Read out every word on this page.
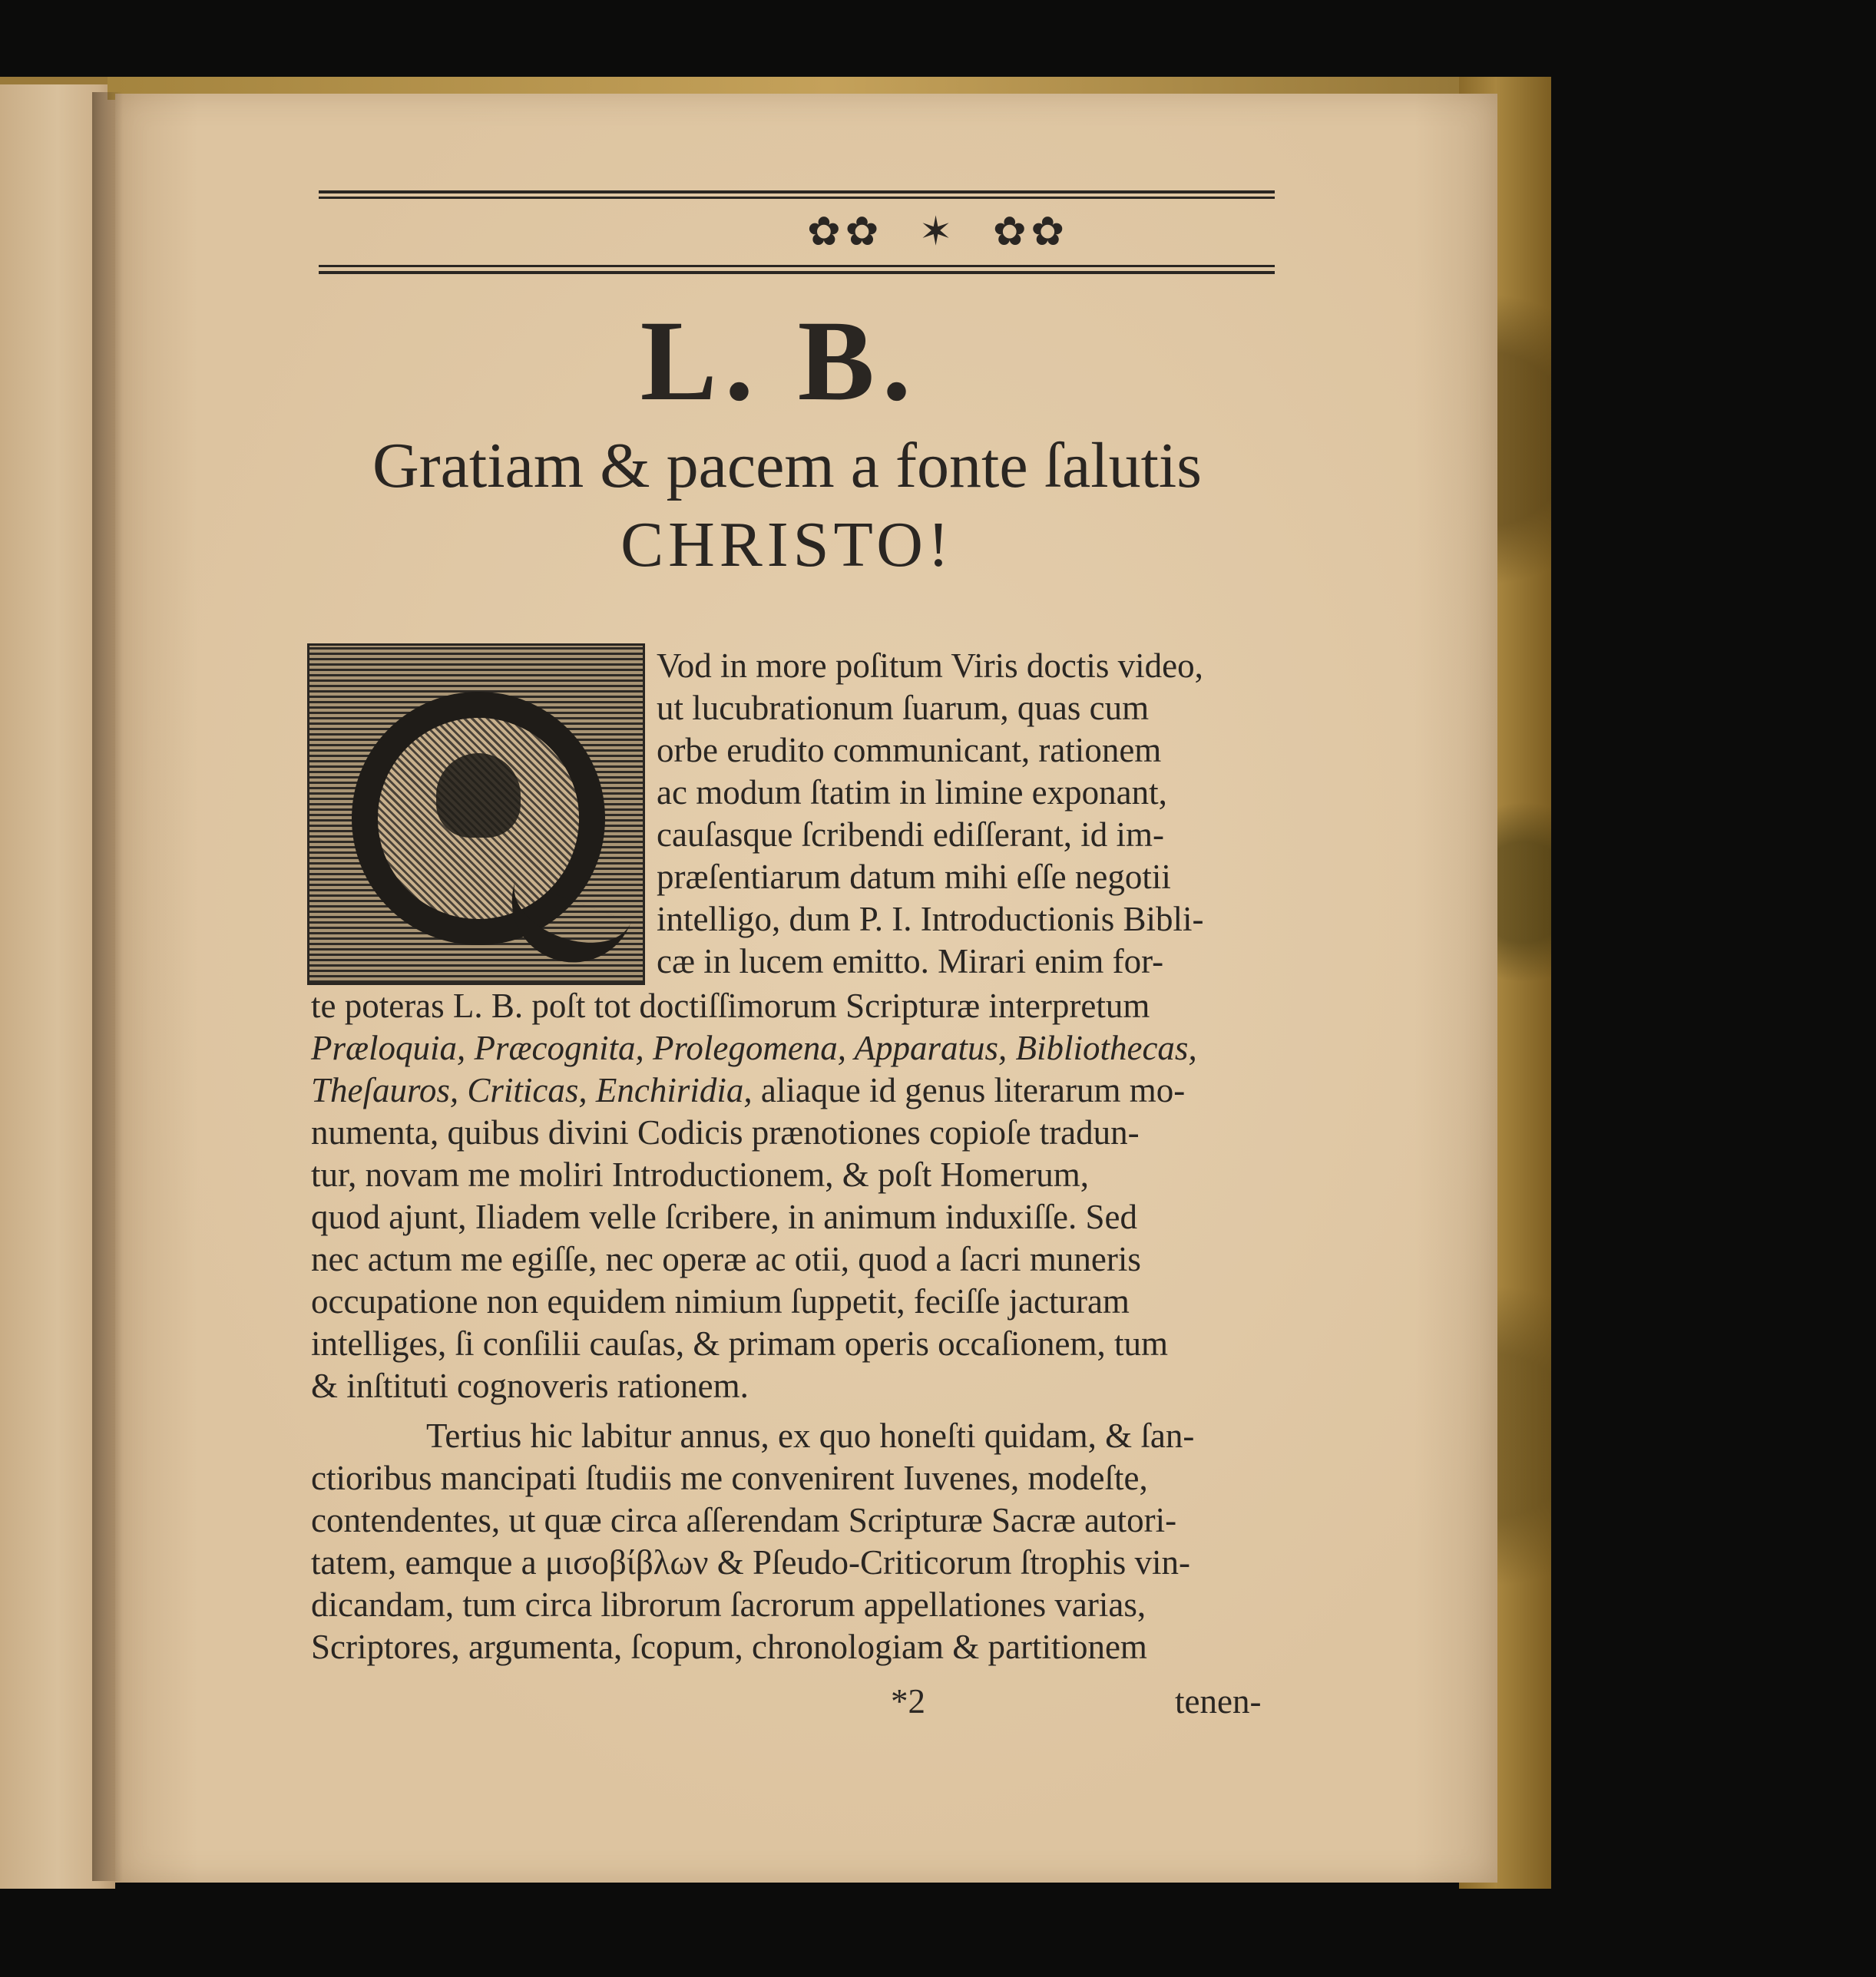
✿✿ ✶ ✿✿
L. B.
Gratiam & pacem a fonte ſalutis
CHRISTO!
Vod in more poſitum Viris doctis video,
ut lucubrationum ſuarum, quas cum
orbe erudito communicant, rationem
ac modum ſtatim in limine exponant,
cauſasque ſcribendi ediſſerant, id im-
præſentiarum datum mihi eſſe negotii
intelligo, dum P. I. Introductionis Bibli-
cæ in lucem emitto. Mirari enim for-
te poteras L. B. poſt tot doctiſſimorum Scripturæ interpretum
Præloquia, Præcognita, Prolegomena, Apparatus, Bibliothecas,
Theſauros, Criticas, Enchiridia, aliaque id genus literarum mo-
numenta, quibus divini Codicis prænotiones copioſe tradun-
tur, novam me moliri Introductionem, & poſt Homerum,
quod ajunt, Iliadem velle ſcribere, in animum induxiſſe. Sed
nec actum me egiſſe, nec operæ ac otii, quod a ſacri muneris
occupatione non equidem nimium ſuppetit, feciſſe jacturam
intelliges, ſi conſilii cauſas, & primam operis occaſionem, tum
& inſtituti cognoveris rationem.
Tertius hic labitur annus, ex quo honeſti quidam, & ſan-
ctioribus mancipati ſtudiis me convenirent Iuvenes, modeſte,
contendentes, ut quæ circa aſſerendam Scripturæ Sacræ autori-
tatem, eamque a μισοβίβλων & Pſeudo-Criticorum ſtrophis vin-
dicandam, tum circa librorum ſacrorum appellationes varias,
Scriptores, argumenta, ſcopum, chronologiam & partitionem
*2	tenen-
